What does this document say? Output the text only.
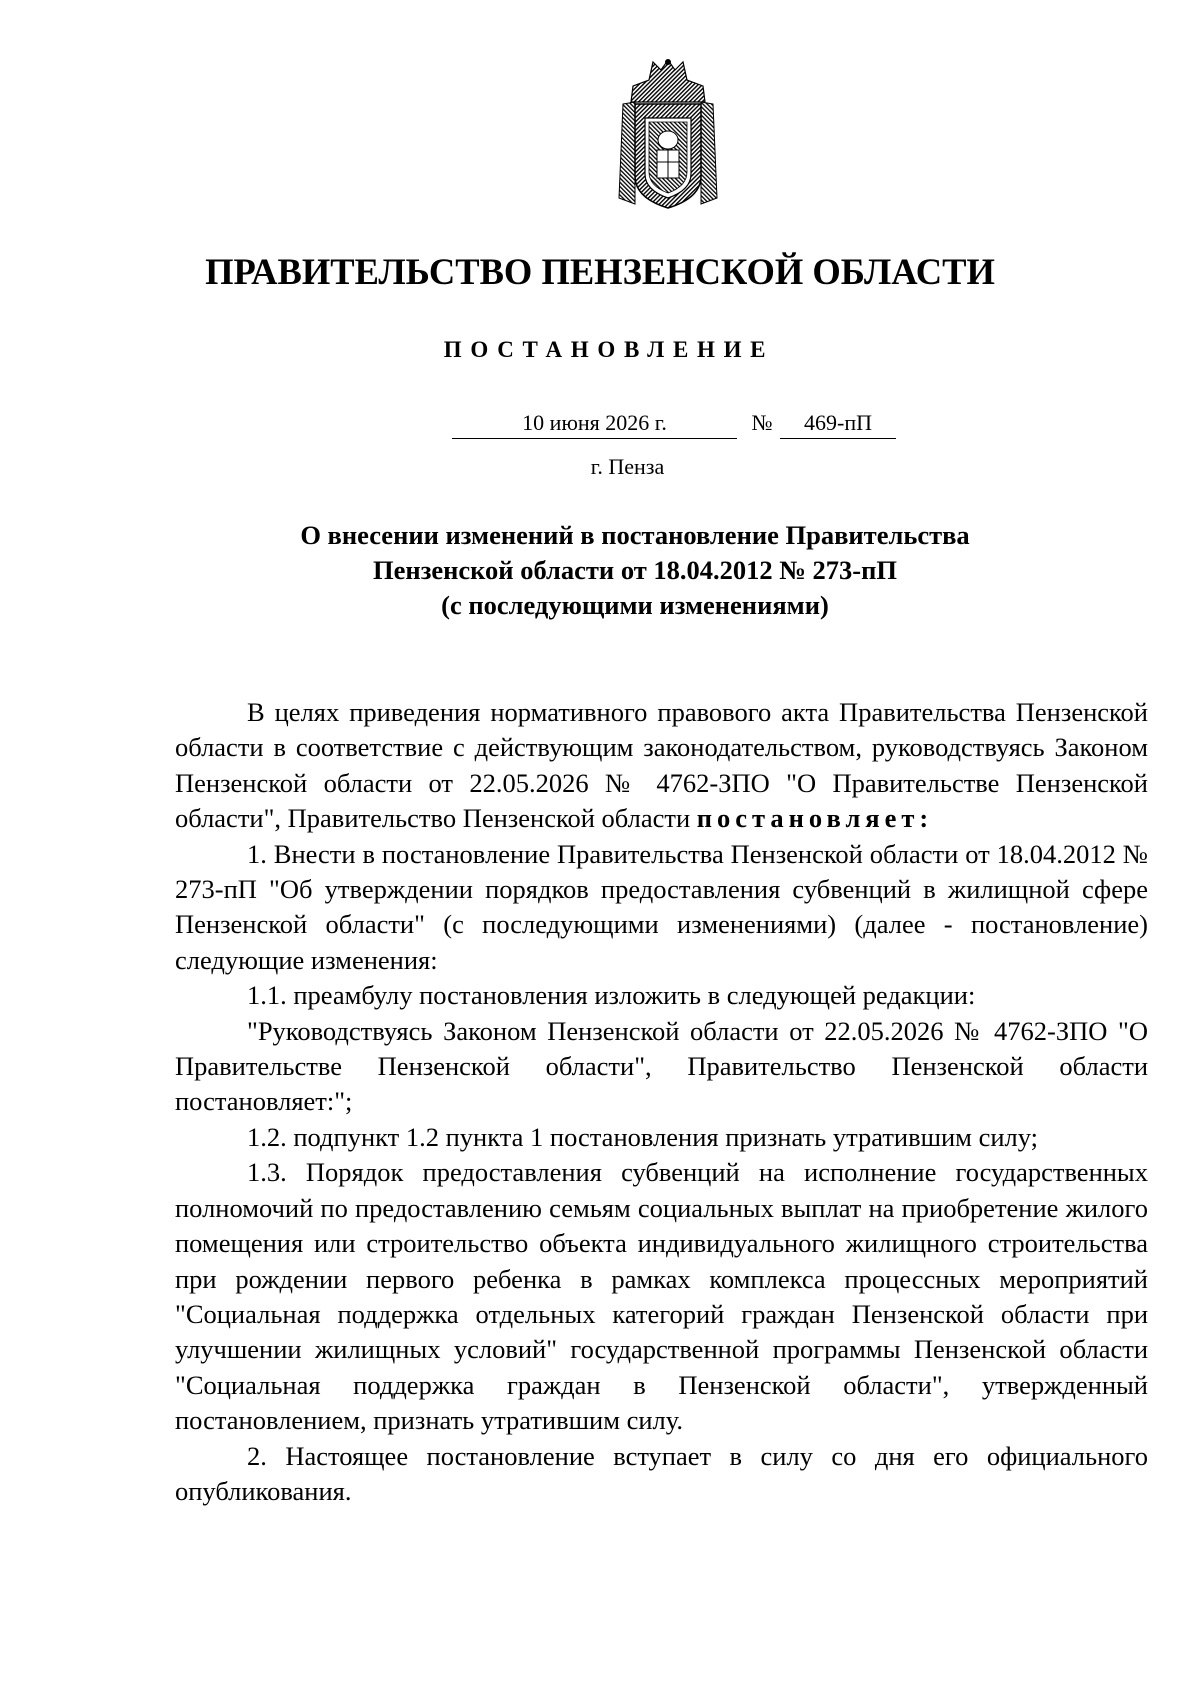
ПРАВИТЕЛЬСТВО ПЕНЗЕНСКОЙ ОБЛАСТИ
ПОСТАНОВЛЕНИЕ
10 июня 2026 г.	№	469-пП
г. Пенза
О внесении изменений в постановление Правительства
Пензенской области от 18.04.2012 № 273-пП
(с последующими изменениями)

В целях приведения нормативного правового акта Правительства Пензенской области в соответствие с действующим законодательством, руководствуясь Законом Пензенской области от 22.05.2026 № 4762-ЗПО "О Правительстве Пензенской области", Правительство Пензенской области постановляет:

1. Внести в постановление Правительства Пензенской области от 18.04.2012 № 273-пП "Об утверждении порядков предоставления субвенций в жилищной сфере Пензенской области" (с последующими изменениями) (далее - постановление) следующие изменения:

1.1. преамбулу постановления изложить в следующей редакции:

"Руководствуясь Законом Пензенской области от 22.05.2026 № 4762-ЗПО "О Правительстве Пензенской области", Правительство Пензенской области постановляет:";

1.2. подпункт 1.2 пункта 1 постановления признать утратившим силу;

1.3. Порядок предоставления субвенций на исполнение государственных полномочий по предоставлению семьям социальных выплат на приобретение жилого помещения или строительство объекта индивидуального жилищного строительства при рождении первого ребенка в рамках комплекса процессных мероприятий "Социальная поддержка отдельных категорий граждан Пензенской области при улучшении жилищных условий" государственной программы Пензенской области "Социальная поддержка граждан в Пензенской области", утвержденный постановлением, признать утратившим силу.

2. Настоящее постановление вступает в силу со дня его официального опубликования.
